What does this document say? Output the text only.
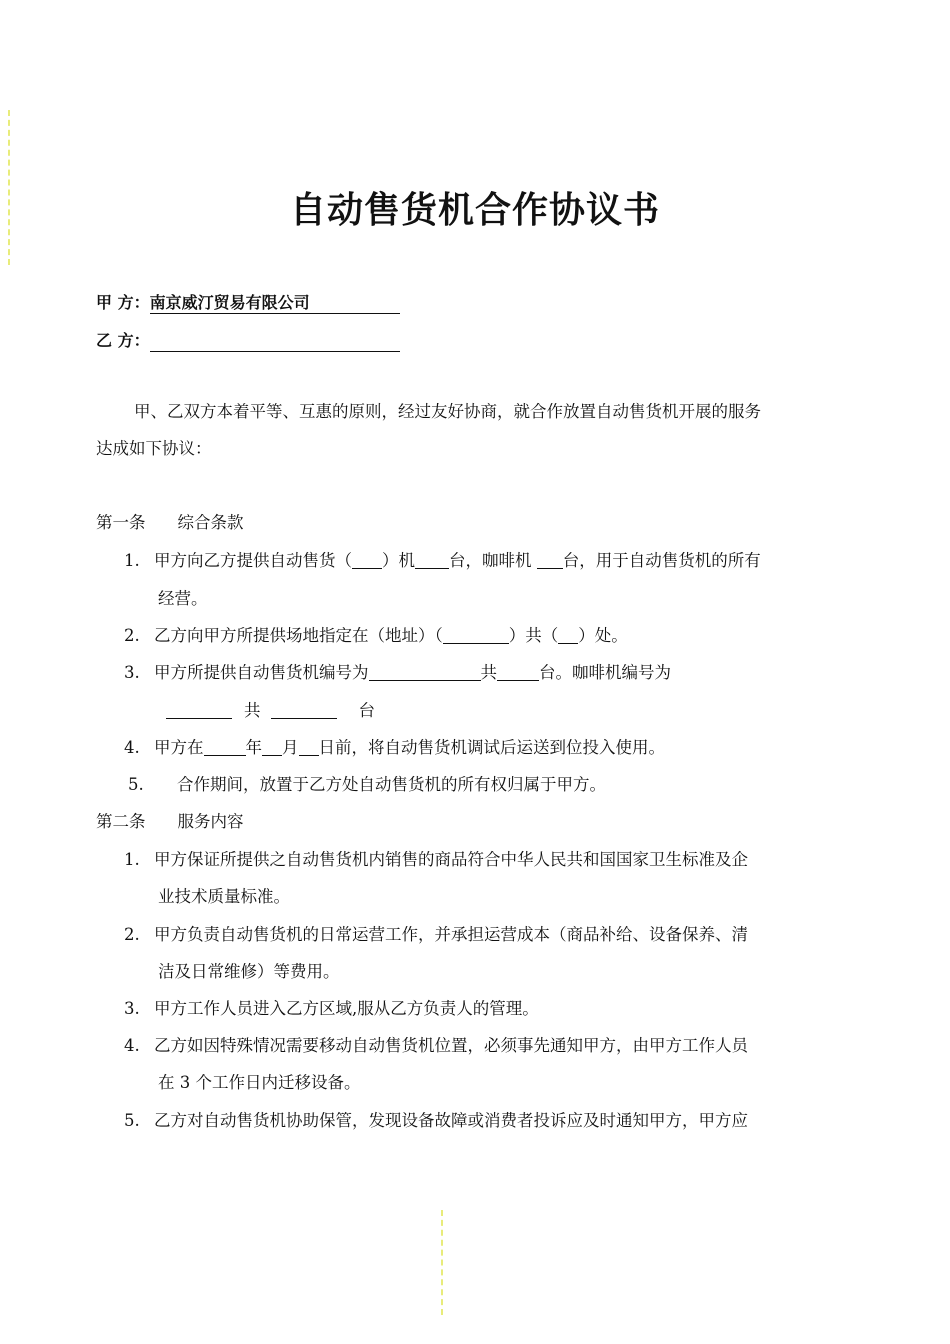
自动售货机合作协议书
甲 方：南京威汀贸易有限公司
乙 方：
甲、乙双方本着平等、互惠的原则，经过友好协商，就合作放置自动售货机开展的服务
达成如下协议：
第一条 综合条款
1. 甲方向乙方提供自动售货（ ）机 台，咖啡机 台，用于自动售货机的所有
经营。
2. 乙方向甲方所提供场地指定在（地址）（	）共（ ）处。
3. 甲方所提供自动售货机编号为	共	台。咖啡机编号为
共	台
4. 甲方在	年 月 日前，将自动售货机调试后运送到位投入使用。
5. 合作期间，放置于乙方处自动售货机的所有权归属于甲方。
第二条 服务内容
1. 甲方保证所提供之自动售货机内销售的商品符合中华人民共和国国家卫生标准及企
业技术质量标准。
2. 甲方负责自动售货机的日常运营工作，并承担运营成本（商品补给、设备保养、清
洁及日常维修）等费用。
3. 甲方工作人员进入乙方区域,服从乙方负责人的管理。
4. 乙方如因特殊情况需要移动自动售货机位置，必须事先通知甲方，由甲方工作人员
在 3 个工作日内迁移设备。
5. 乙方对自动售货机协助保管，发现设备故障或消费者投诉应及时通知甲方，甲方应
